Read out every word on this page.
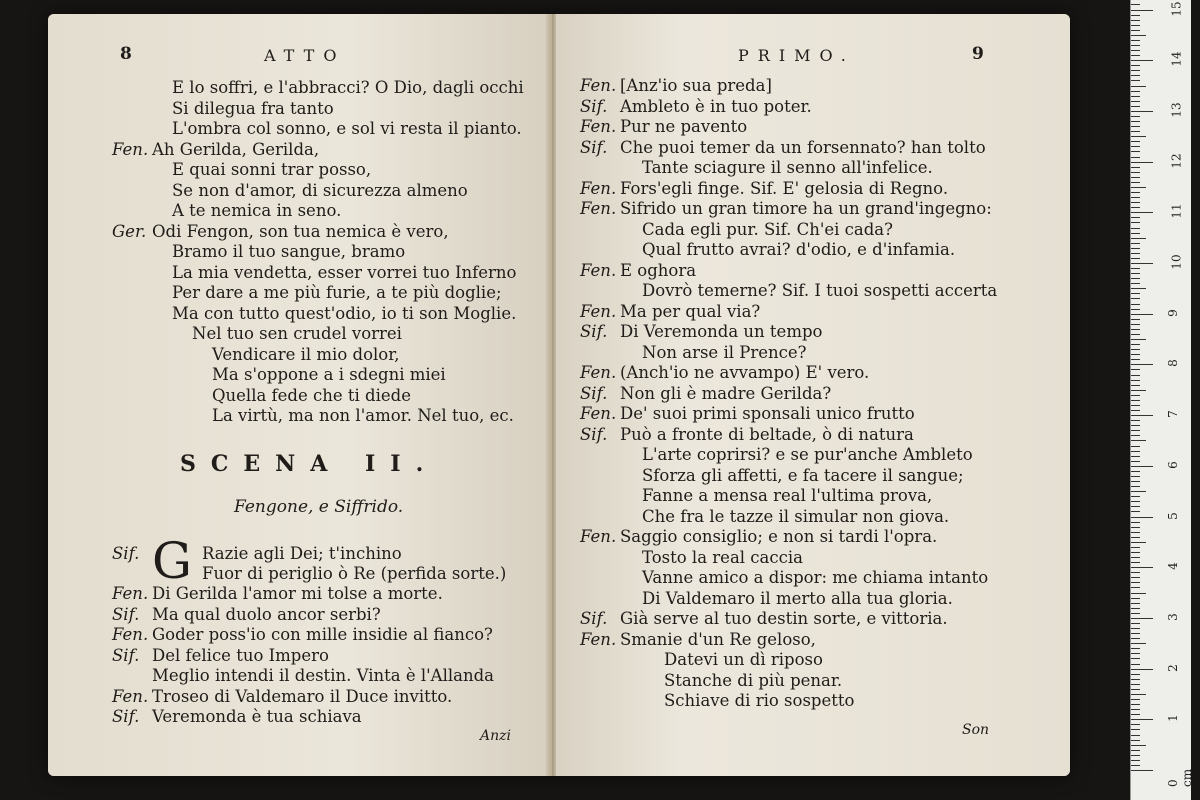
8	ATTO
E lo soffri, e l'abbracci? O Dio, dagli occhi
Si dilegua fra tanto
L'ombra col sonno, e sol vi resta il pianto.
Fen. Ah Gerilda, Gerilda,
E quai sonni trar posso,
Se non d'amor, di sicurezza almeno
A te nemica in seno.
Ger. Odi Fengon, son tua nemica è vero,
Bramo il tuo sangue, bramo
La mia vendetta, esser vorrei tuo Inferno
Per dare a me più furie, a te più doglie;
Ma con tutto quest'odio, io ti son Moglie.
Nel tuo sen crudel vorrei
Vendicare il mio dolor,
Ma s'oppone a i sdegni miei
Quella fede che ti diede
La virtù, ma non l'amor. Nel tuo, ec.
SCENA II.
Fengone, e Siffrido.
Sif. G Razie agli Dei; t'inchino
Fuor di periglio ò Re (perfida sorte.)
Fen. Di Gerilda l'amor mi tolse a morte.
Sif. Ma qual duolo ancor serbi?
Fen. Goder poss'io con mille insidie al fianco?
Sif. Del felice tuo Impero
Meglio intendi il destin. Vinta è l'Allanda
Fen. Troseo di Valdemaro il Duce invitto.
Sif. Veremonda è tua schiava
Anzi
PRIMO.	9
Fen. [Anz'io sua preda]
Sif. Ambleto è in tuo poter.
Fen. Pur ne pavento
Sif. Che puoi temer da un forsennato? han tolto
Tante sciagure il senno all'infelice.
Fen. Fors'egli finge. Sif. E' gelosia di Regno.
Fen. Sifrido un gran timore ha un grand'ingegno:
Cada egli pur. Sif. Ch'ei cada?
Qual frutto avrai? d'odio, e d'infamia.
Fen. E oghora
Dovrò temerne? Sif. I tuoi sospetti accerta
Fen. Ma per qual via?
Sif. Di Veremonda un tempo
Non arse il Prence?
Fen. (Anch'io ne avvampo) E' vero.
Sif. Non gli è madre Gerilda?
Fen. De' suoi primi sponsali unico frutto
Sif. Può a fronte di beltade, ò di natura
L'arte coprirsi? e se pur'anche Ambleto
Sforza gli affetti, e fa tacere il sangue;
Fanne a mensa real l'ultima prova,
Che fra le tazze il simular non giova.
Fen. Saggio consiglio; e non si tardi l'opra.
Tosto la real caccia
Vanne amico a dispor: me chiama intanto
Di Valdemaro il merto alla tua gloria.
Sif. Già serve al tuo destin sorte, e vittoria.
Fen. Smanie d'un Re geloso,
Datevi un dì riposo
Stanche di più penar.
Schiave di rio sospetto
Son
0 cm
1
2
3
4
5
6
7
8
9
10
11
12
13
14
15
